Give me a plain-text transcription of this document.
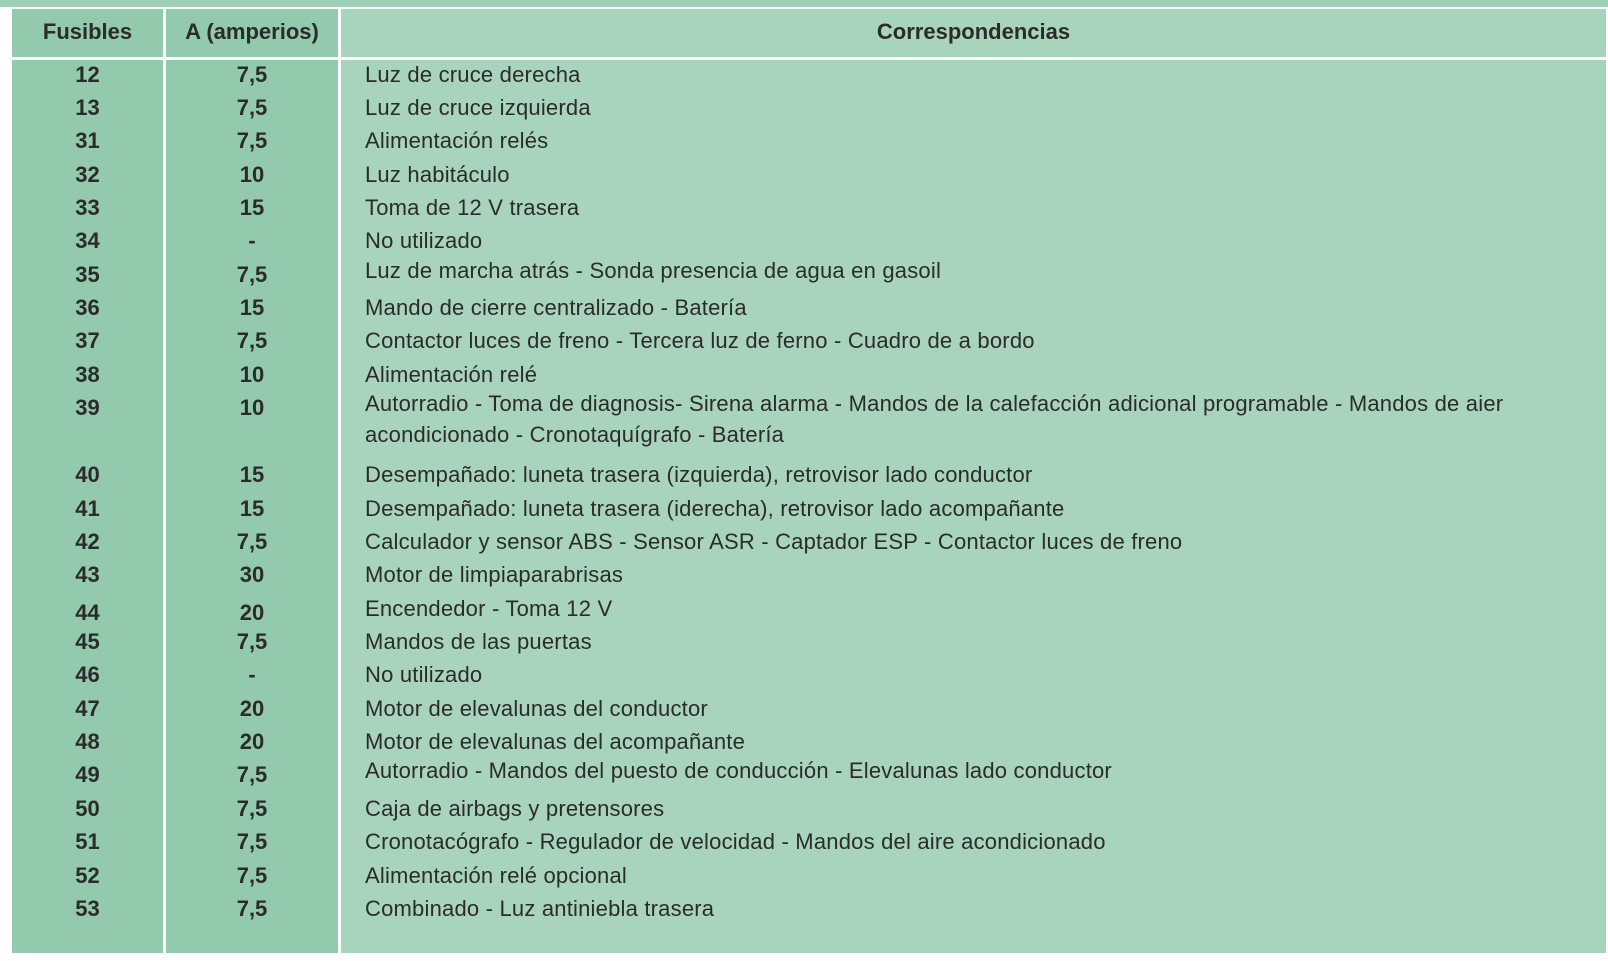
Fusibles	A (amperios)	Correspondencias
12	7,5	Luz de cruce derecha
13	7,5	Luz de cruce izquierda
31	7,5	Alimentación relés
32	10	Luz habitáculo
33	15	Toma de 12 V trasera
34	-	No utilizado
35	7,5	Luz de marcha atrás - Sonda presencia de agua en gasoil
36	15	Mando de cierre centralizado - Batería
37	7,5	Contactor luces de freno - Tercera luz de ferno - Cuadro de a bordo
38	10	Alimentación relé
39	10	Autorradio - Toma de diagnosis- Sirena alarma - Mandos de la calefacción adicional programable - Mandos de aier acondicionado - Cronotaquígrafo - Batería
40	15	Desempañado: luneta trasera (izquierda), retrovisor lado conductor
41	15	Desempañado: luneta trasera (iderecha), retrovisor lado acompañante
42	7,5	Calculador y sensor ABS - Sensor ASR - Captador ESP - Contactor luces de freno
43	30	Motor de limpiaparabrisas
44	20	Encendedor - Toma 12 V
45	7,5	Mandos de las puertas
46	-	No utilizado
47	20	Motor de elevalunas del conductor
48	20	Motor de elevalunas del acompañante
49	7,5	Autorradio - Mandos del puesto de conducción - Elevalunas lado conductor
50	7,5	Caja de airbags y pretensores
51	7,5	Cronotacógrafo - Regulador de velocidad - Mandos del aire acondicionado
52	7,5	Alimentación relé opcional
53	7,5	Combinado - Luz antiniebla trasera
